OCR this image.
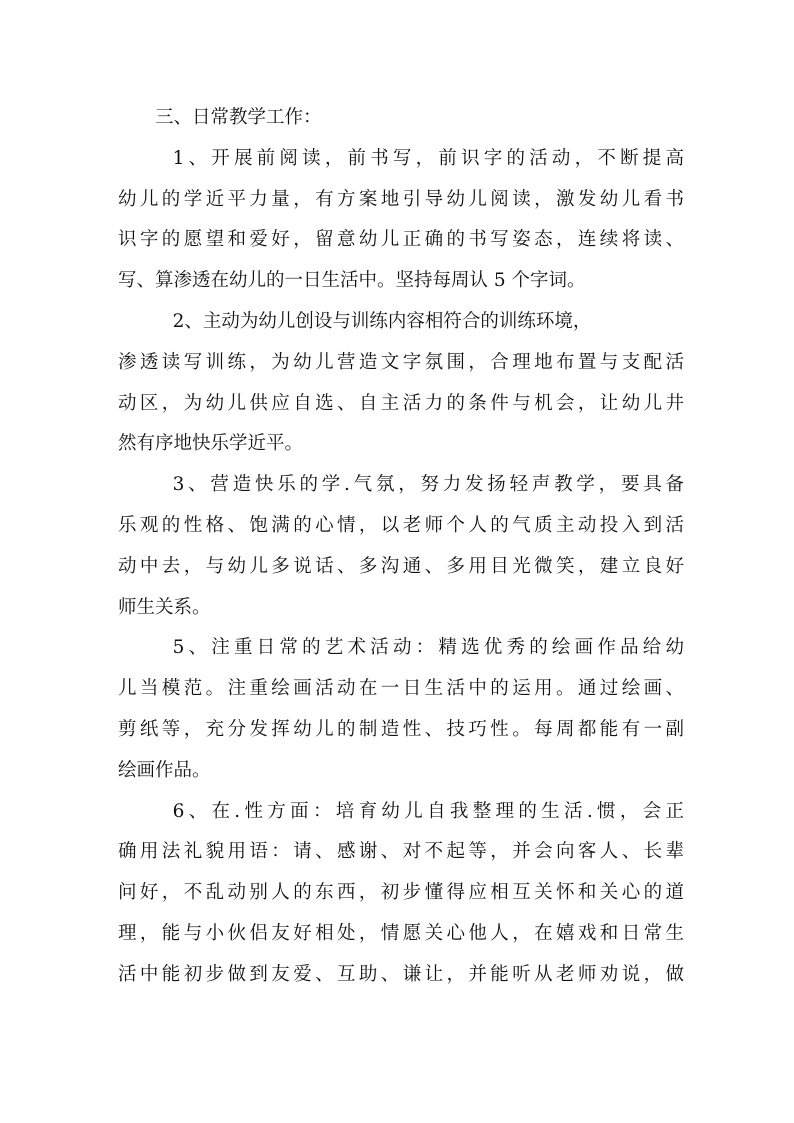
三、日常教学工作：
1、开展前阅读，前书写，前识字的活动，不断提高
幼儿的学近平力量，有方案地引导幼儿阅读，激发幼儿看书
识字的愿望和爱好，留意幼儿正确的书写姿态，连续将读、
写、算渗透在幼儿的一日生活中。坚持每周认 5 个字词。
2、主动为幼儿创设与训练内容相符合的训练环境，
渗透读写训练，为幼儿营造文字氛围，合理地布置与支配活
动区，为幼儿供应自选、自主活力的条件与机会，让幼儿井
然有序地快乐学近平。
3、营造快乐的学.气氛，努力发扬轻声教学，要具备
乐观的性格、饱满的心情，以老师个人的气质主动投入到活
动中去，与幼儿多说话、多沟通、多用目光微笑，建立良好
师生关系。
5、注重日常的艺术活动：精选优秀的绘画作品给幼
儿当模范。注重绘画活动在一日生活中的运用。通过绘画、
剪纸等，充分发挥幼儿的制造性、技巧性。每周都能有一副
绘画作品。
6、在.性方面：培育幼儿自我整理的生活.惯，会正
确用法礼貌用语：请、感谢、对不起等，并会向客人、长辈
问好，不乱动别人的东西，初步懂得应相互关怀和关心的道
理，能与小伙侣友好相处，情愿关心他人，在嬉戏和日常生
活中能初步做到友爱、互助、谦让，并能听从老师劝说，做
